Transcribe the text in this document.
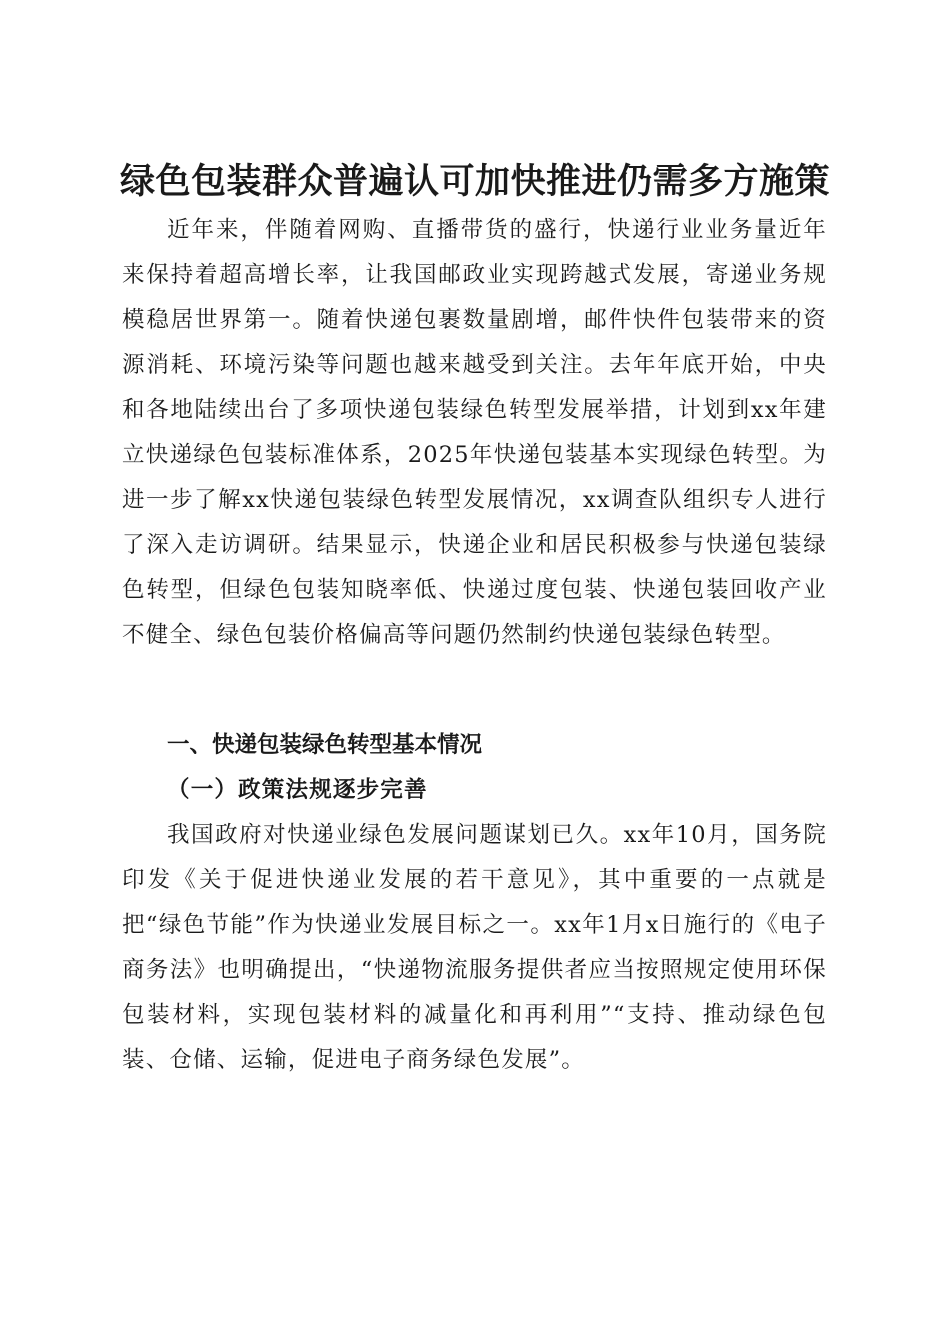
绿色包装群众普遍认可加快推进仍需多方施策

近年来，伴随着网购、直播带货的盛行，快递行业业务量近年来保持着超高增长率，让我国邮政业实现跨越式发展，寄递业务规模稳居世界第一。随着快递包裹数量剧增，邮件快件包装带来的资源消耗、环境污染等问题也越来越受到关注。去年年底开始，中央和各地陆续出台了多项快递包装绿色转型发展举措，计划到xx年建立快递绿色包装标准体系，2025年快递包装基本实现绿色转型。为进一步了解xx快递包装绿色转型发展情况，xx调查队组织专人进行了深入走访调研。结果显示，快递企业和居民积极参与快递包装绿色转型，但绿色包装知晓率低、快递过度包装、快递包装回收产业不健全、绿色包装价格偏高等问题仍然制约快递包装绿色转型。

一、快递包装绿色转型基本情况
（一）政策法规逐步完善

我国政府对快递业绿色发展问题谋划已久。xx年10月，国务院印发《关于促进快递业发展的若干意见》，其中重要的一点就是把“绿色节能”作为快递业发展目标之一。xx年1月x日施行的《电子商务法》也明确提出，“快递物流服务提供者应当按照规定使用环保包装材料，实现包装材料的减量化和再利用”“支持、推动绿色包装、仓储、运输，促进电子商务绿色发展”。
